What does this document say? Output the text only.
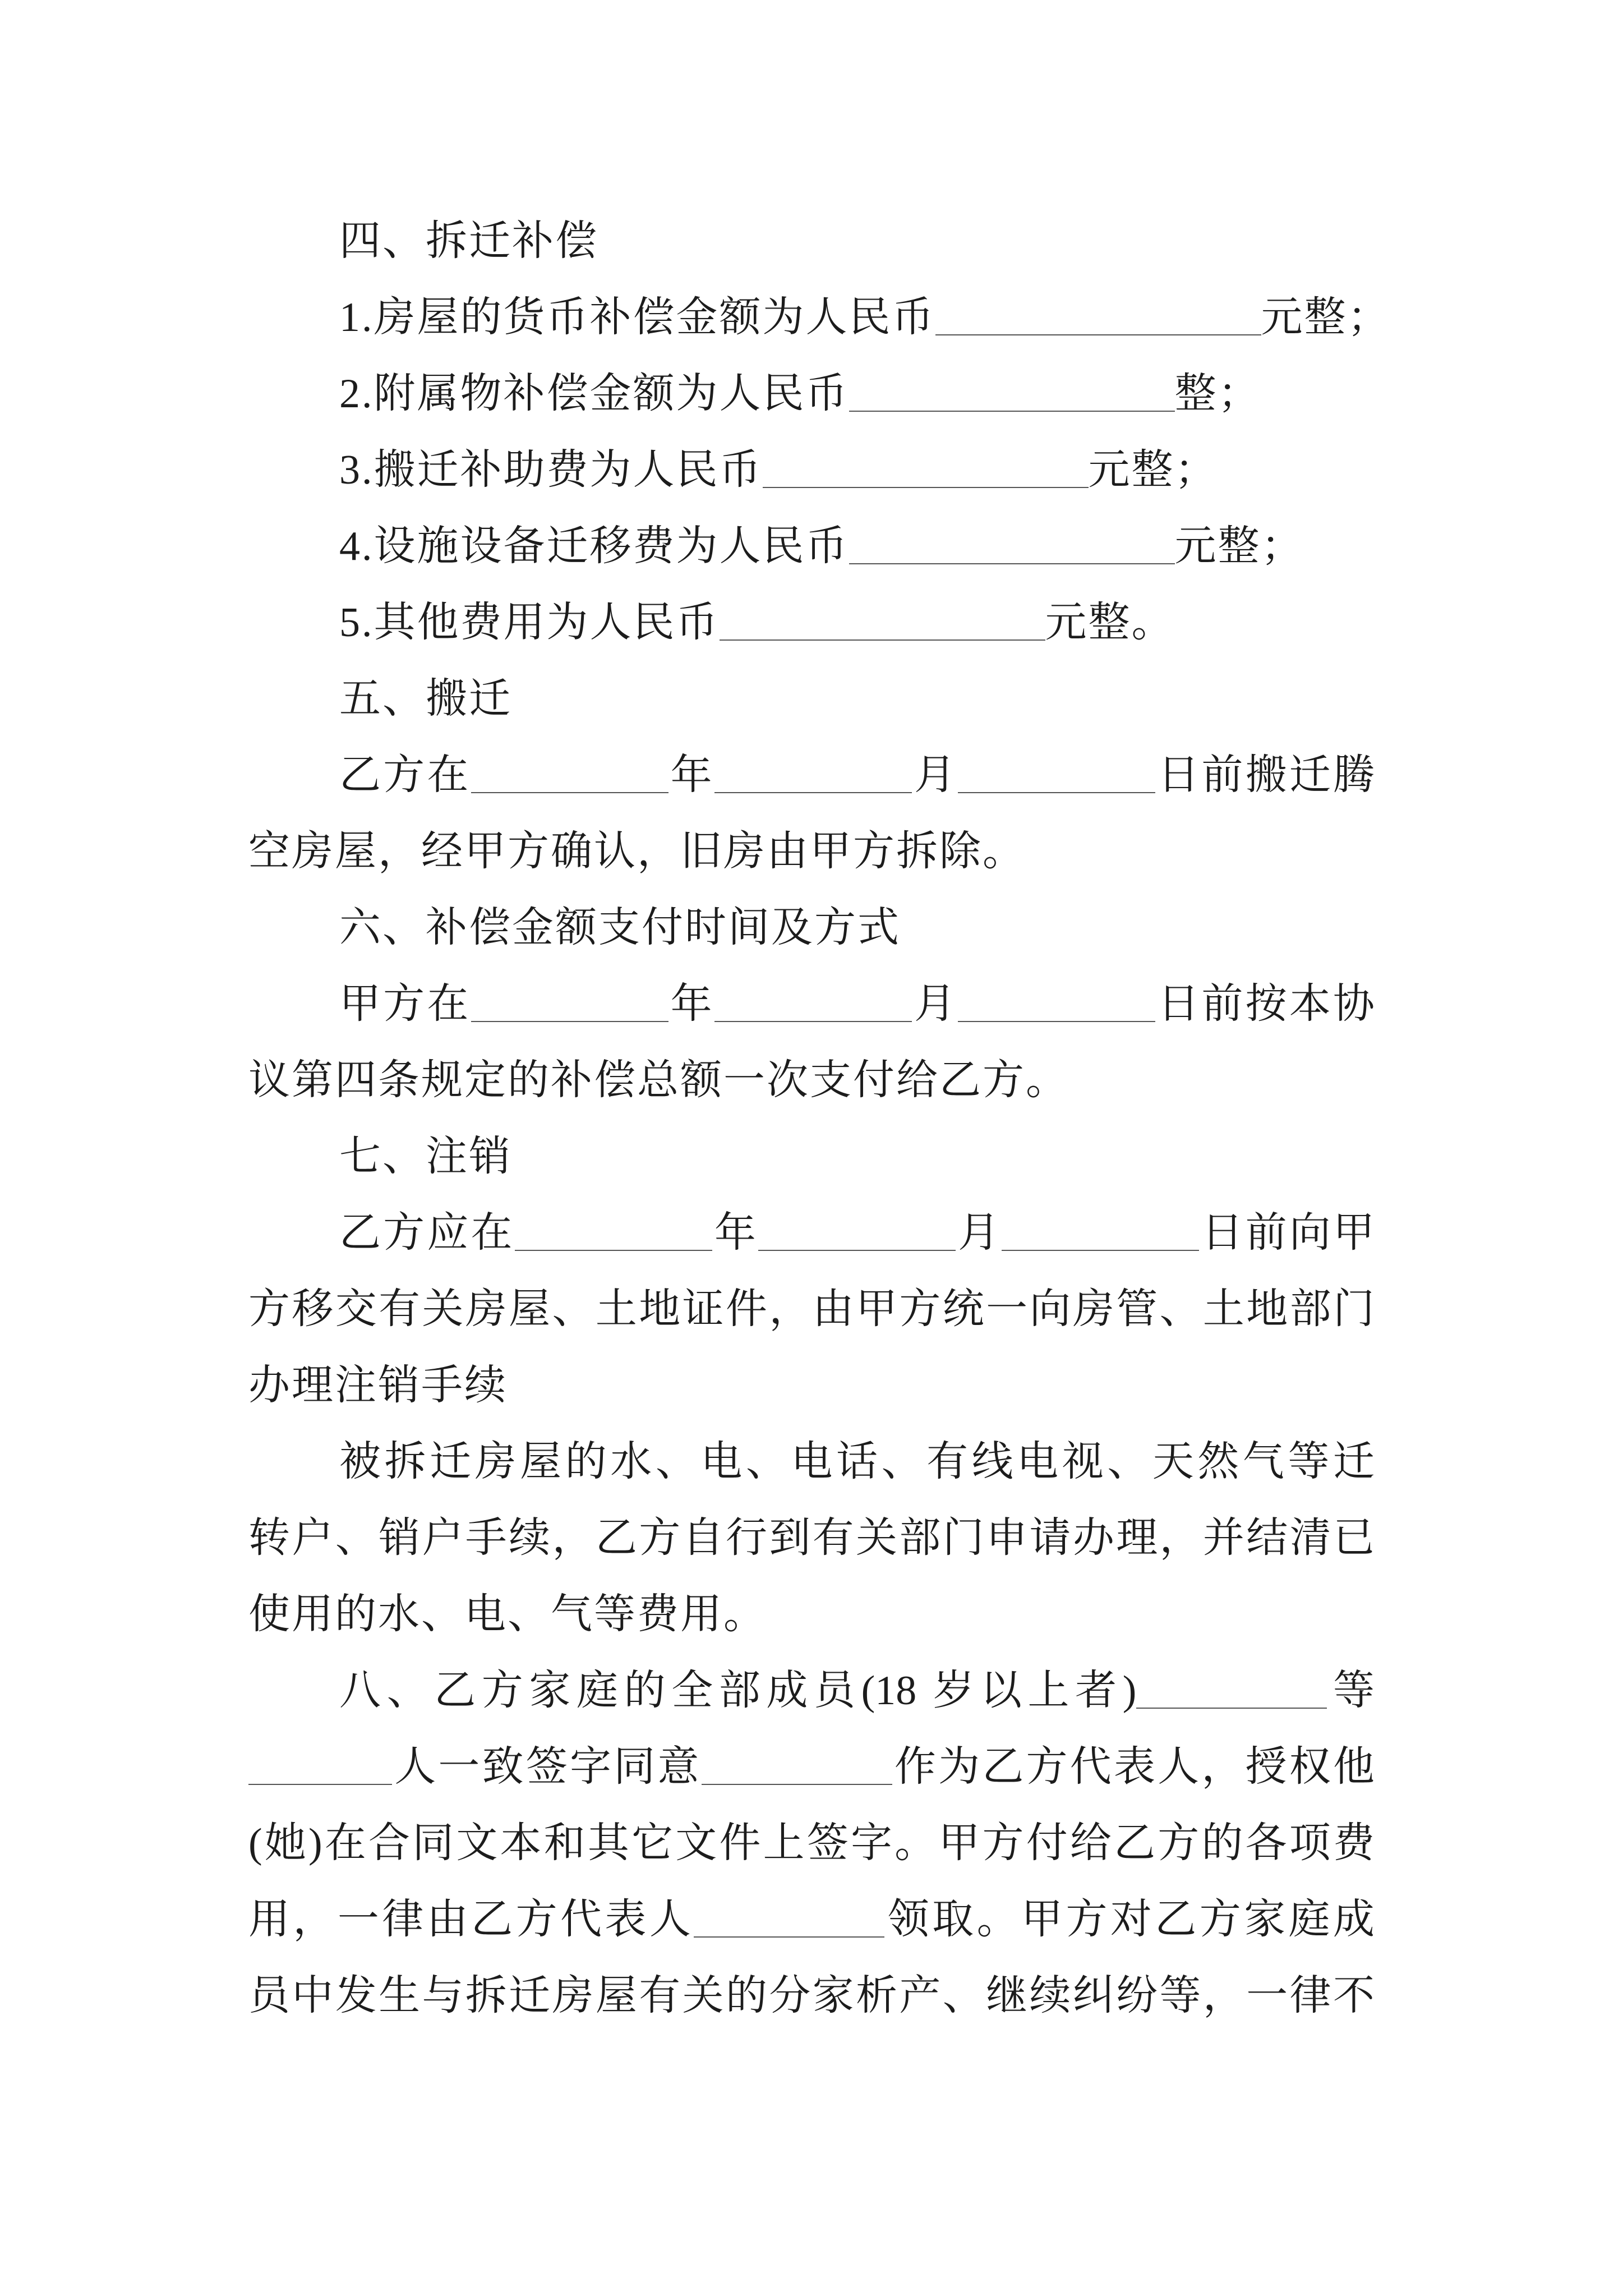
四、拆迁补偿
1.房屋的货币补偿金额为人民币	元整；
2.附属物补偿金额为人民币	整；
3.搬迁补助费为人民币	元整；
4.设施设备迁移费为人民币	元整；
5.其他费用为人民币	元整。
五、搬迁
乙方在	年	月	日前搬迁腾
空房屋，经甲方确认，旧房由甲方拆除。
六、补偿金额支付时间及方式
甲方在	年	月	日前按本协
议第四条规定的补偿总额一次支付给乙方。
七、注销
乙方应在	年	月	日前向甲
方移交有关房屋、土地证件，由甲方统一向房管、土地部门
办理注销手续
被拆迁房屋的水、电、电话、有线电视、天然气等迁
转户、销户手续，乙方自行到有关部门申请办理，并结清已
使用的水、电、气等费用。
八、乙方家庭的全部成员(18 岁以上者)	等
人一致签字同意	作为乙方代表人，授权他
(她)在合同文本和其它文件上签字。甲方付给乙方的各项费
用，一律由乙方代表人	领取。甲方对乙方家庭成
员中发生与拆迁房屋有关的分家析产、继续纠纷等，一律不
